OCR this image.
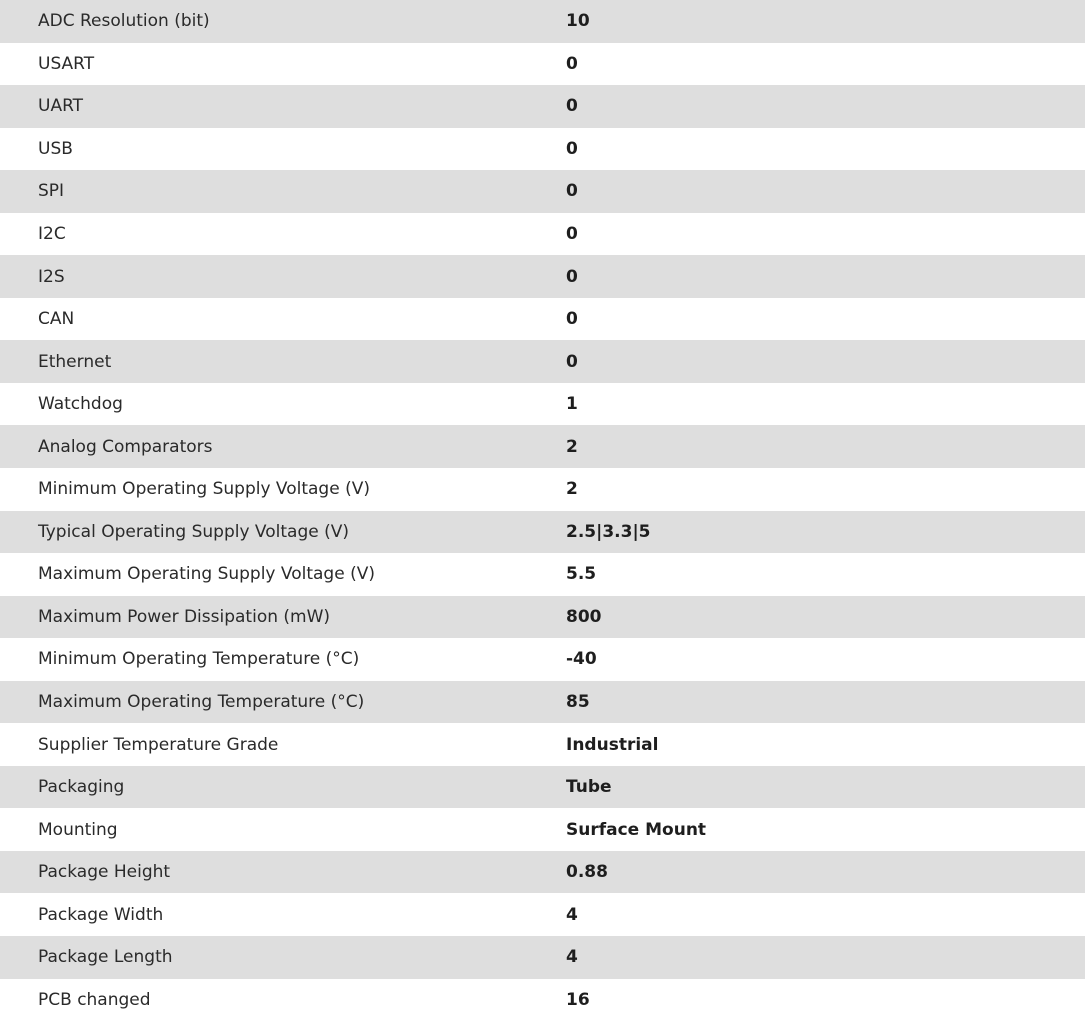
ADC Resolution (bit)	10
USART	0
UART	0
USB	0
SPI	0
I2C	0
I2S	0
CAN	0
Ethernet	0
Watchdog	1
Analog Comparators	2
Minimum Operating Supply Voltage (V)	2
Typical Operating Supply Voltage (V)	2.5|3.3|5
Maximum Operating Supply Voltage (V)	5.5
Maximum Power Dissipation (mW)	800
Minimum Operating Temperature (°C)	-40
Maximum Operating Temperature (°C)	85
Supplier Temperature Grade	Industrial
Packaging	Tube
Mounting	Surface Mount
Package Height	0.88
Package Width	4
Package Length	4
PCB changed	16
